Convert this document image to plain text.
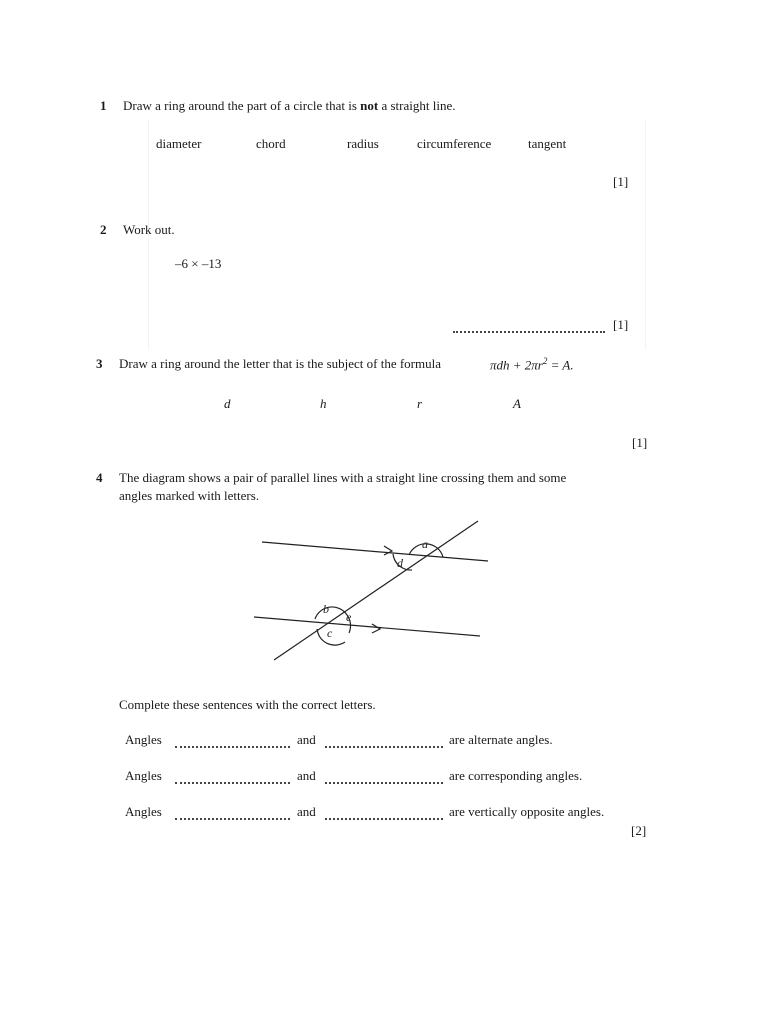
1 Draw a ring around the part of a circle that is not a straight line.
diameter	chord	radius	circumference	tangent
[1]
2 Work out.
–6 × –13
[1]
3 Draw a ring around the letter that is the subject of the formula	$\pi dh + 2\pi r^2 = A$.
d	h	r	A
[1]
4 The diagram shows a pair of parallel lines with a straight line crossing them and some
angles marked with letters.
a
d
b
e
c
Complete these sentences with the correct letters.
Angles	and	are alternate angles.
Angles	and	are corresponding angles.
Angles	and	are vertically opposite angles.
[2]
